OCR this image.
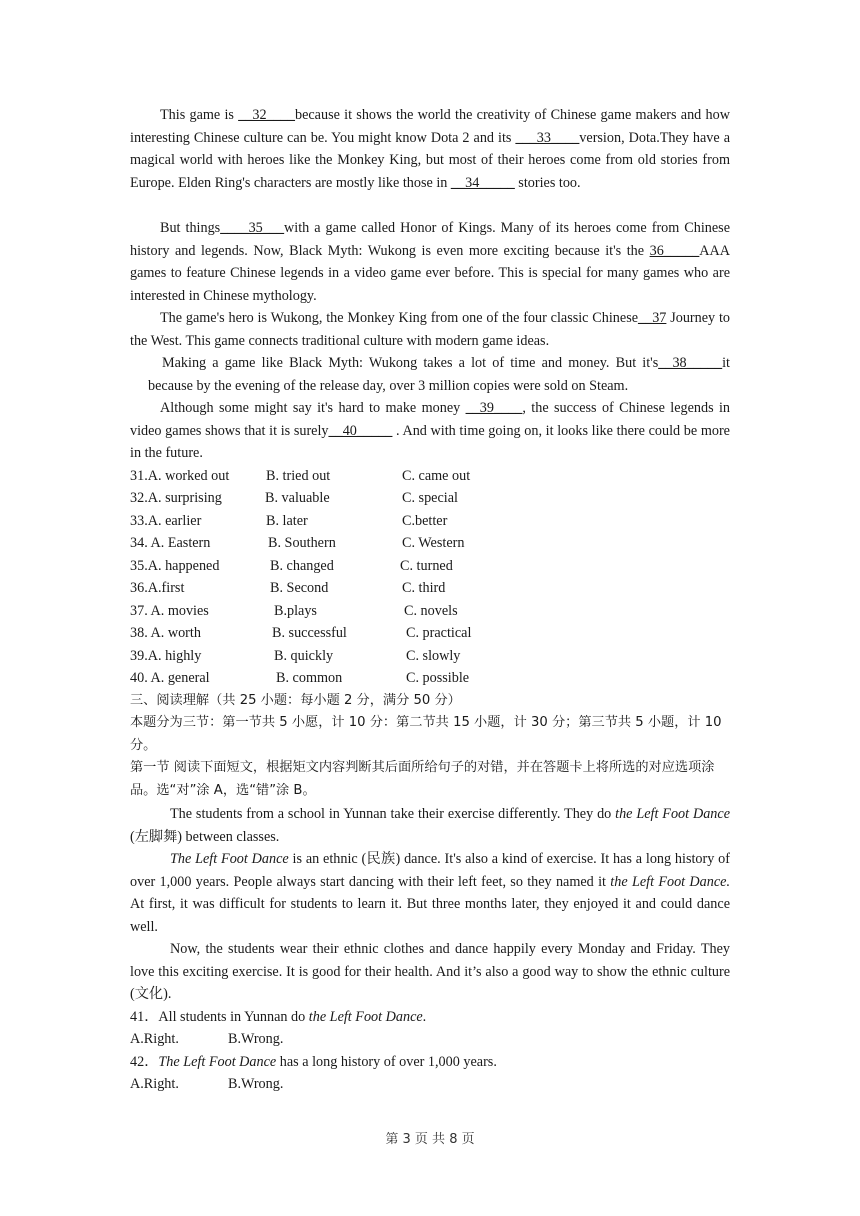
This game is __32____because it shows the world the creativity of Chinese game makers and how interesting Chinese culture can be. You might know Dota 2 and its ___33____version, Dota.They have a magical world with heroes like the Monkey King, but most of their heroes come from old stories from Europe. Elden Ring's characters are mostly like those in __34_____ stories too.

But things____35___with a game called Honor of Kings. Many of its heroes come from Chinese history and legends. Now, Black Myth: Wukong is even more exciting because it's the 36_____AAA games to feature Chinese legends in a video game ever before. This is special for many games who are interested in Chinese mythology.

The game's hero is Wukong, the Monkey King from one of the four classic Chinese__37 Journey to the West. This game connects traditional culture with modern game ideas.

Making a game like Black Myth: Wukong takes a lot of time and money. But it's__38_____it because by the evening of the release day, over 3 million copies were sold on Steam.

Although some might say it's hard to make money __39____, the success of Chinese legends in video games shows that it is surely__40_____ . And with time going on, it looks like there could be more in the future.

31.A. worked out	B. tried out	C. came out
32.A. surprising	B. valuable	C. special
33.A. earlier	B. later	C.better
34. A. Eastern	B. Southern	C. Western
35.A. happened	B. changed	C. turned
36.A.first	B. Second	C. third
37. A. movies	B.plays	C. novels
38. A. worth	B. successful	C. practical
39.A. highly	B. quickly	C. slowly
40. A. general	B. common	C. possible
三、阅读理解（共 25 小题：每小题 2 分，满分 50 分）
本题分为三节：第一节共 5 小愿，计 10 分：第二节共 15 小题，计 30 分；第三节共 5 小题，计 10 分。
第一节 阅读下面短文，根据矩文内容判断其后面所给句子的对错，并在答题卡上将所选的对应选项涂品。选“对”涂 A，选“错”涂 B。

The students from a school in Yunnan take their exercise differently. They do the Left Foot Dance (左脚舞) between classes.

The Left Foot Dance is an ethnic (民族) dance. It's also a kind of exercise. It has a long history of over 1,000 years. People always start dancing with their left feet, so they named it the Left Foot Dance. At first, it was difficult for students to learn it. But three months later, they enjoyed it and could dance well.

Now, the students wear their ethnic clothes and dance happily every Monday and Friday. They love this exciting exercise. It is good for their health. And it’s also a good way to show the ethnic culture (文化).

41．All students in Yunnan do the Left Foot Dance.
A.Right.	B.Wrong.
42．The Left Foot Dance has a long history of over 1,000 years.
A.Right.	B.Wrong.
第 3 页 共 8 页
